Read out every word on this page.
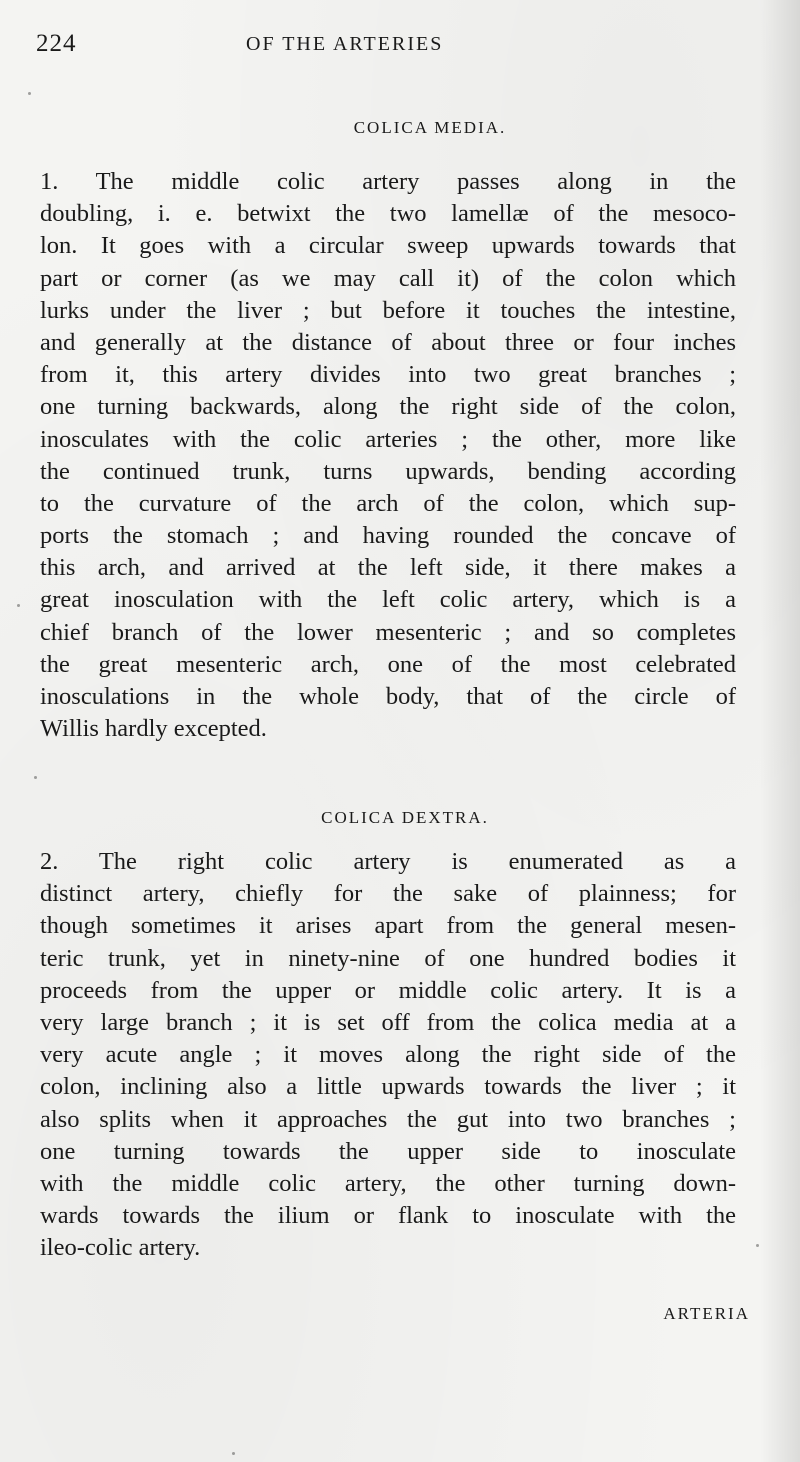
224	OF THE ARTERIES
COLICA MEDIA.
1. The middle colic artery passes along in the
doubling, i. e. betwixt the two lamellæ of the mesoco-
lon. It goes with a circular sweep upwards towards that
part or corner (as we may call it) of the colon which
lurks under the liver ; but before it touches the intestine,
and generally at the distance of about three or four inches
from it, this artery divides into two great branches ;
one turning backwards, along the right side of the colon,
inosculates with the colic arteries ; the other, more like
the continued trunk, turns upwards, bending according
to the curvature of the arch of the colon, which sup-
ports the stomach ; and having rounded the concave of
this arch, and arrived at the left side, it there makes a
great inosculation with the left colic artery, which is a
chief branch of the lower mesenteric ; and so completes
the great mesenteric arch, one of the most celebrated
inosculations in the whole body, that of the circle of
Willis hardly excepted.
COLICA DEXTRA.
2. The right colic artery is enumerated as a
distinct artery, chiefly for the sake of plainness; for
though sometimes it arises apart from the general mesen-
teric trunk, yet in ninety-nine of one hundred bodies it
proceeds from the upper or middle colic artery. It is a
very large branch ; it is set off from the colica media at a
very acute angle ; it moves along the right side of the
colon, inclining also a little upwards towards the liver ; it
also splits when it approaches the gut into two branches ;
one turning towards the upper side to inosculate
with the middle colic artery, the other turning down-
wards towards the ilium or flank to inosculate with the
ileo-colic artery.
ARTERIA
